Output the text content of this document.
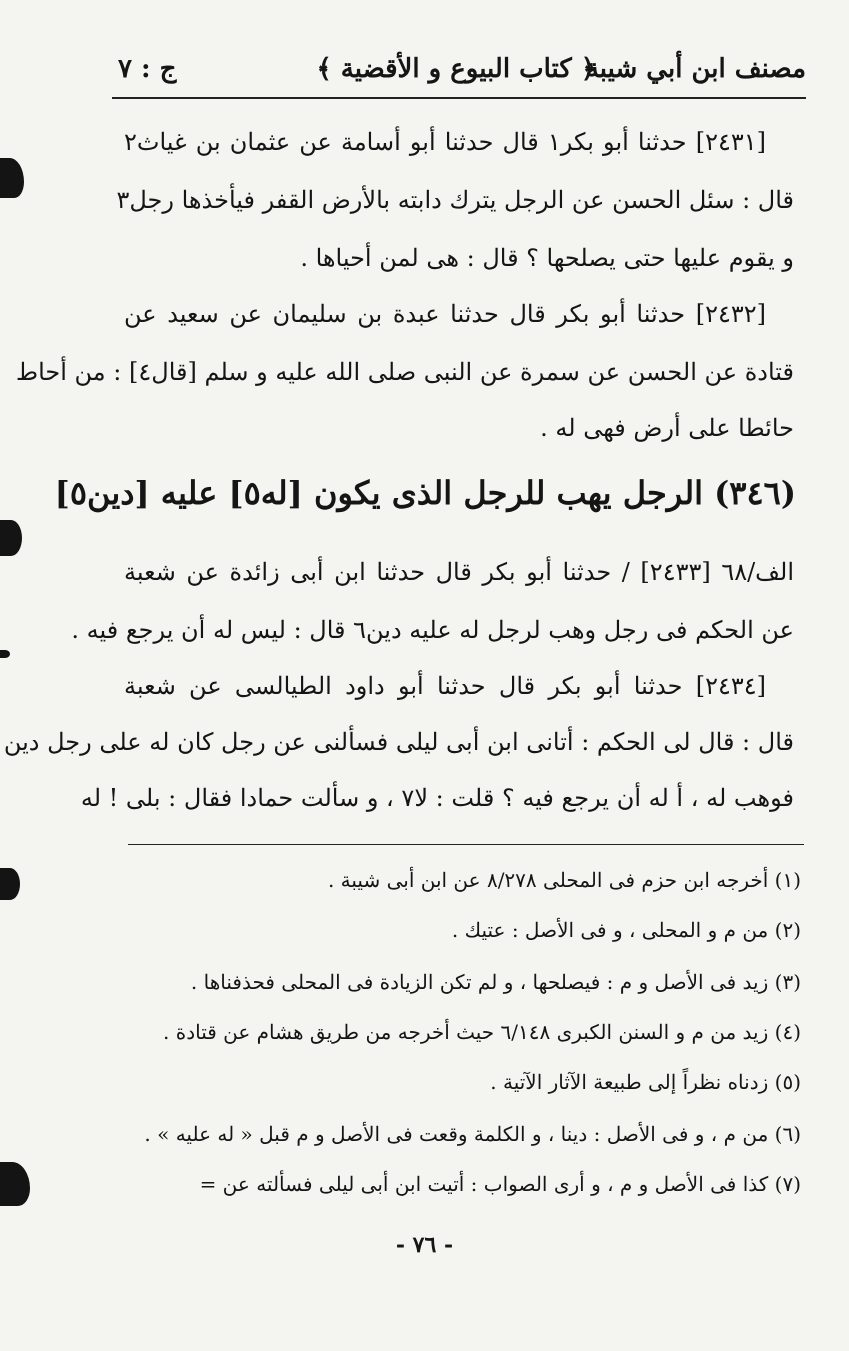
مصنف ابن أبي شيبة
﴿ كتاب البيوع و الأقضية ﴾
ج : ٧
[٢٤٣١] حدثنا أبو بكر١ قال حدثنا أبو أسامة عن عثمان بن غياث٢
قال : سئل الحسن عن الرجل يترك دابته بالأرض القفر فيأخذها رجل٣
و يقوم عليها حتى يصلحها ؟ قال : هى لمن أحياها .
[٢٤٣٢] حدثنا أبو بكر قال حدثنا عبدة بن سليمان عن سعيد عن
قتادة عن الحسن عن سمرة عن النبى صلى الله عليه و سلم [قال٤] : من أحاط
حائطا على أرض فهى له .
(٣٤٦) الرجل يهب للرجل الذى يكون [له٥] عليه [دين٥]
الف/٦٨ [٢٤٣٣] / حدثنا أبو بكر قال حدثنا ابن أبى زائدة عن شعبة
عن الحكم فى رجل وهب لرجل له عليه دين٦ قال : ليس له أن يرجع فيه .
[٢٤٣٤] حدثنا أبو بكر قال حدثنا أبو داود الطيالسى عن شعبة
قال : قال لى الحكم : أتانى ابن أبى ليلى فسألنى عن رجل كان له على رجل دين
فوهب له ، أ له أن يرجع فيه ؟ قلت : لا٧ ، و سألت حمادا فقال : بلى ! له
(١) أخرجه ابن حزم فى المحلى ٨/٢٧٨ عن ابن أبى شيبة .
(٢) من م و المحلى ، و فى الأصل : عتيك .
(٣) زيد فى الأصل و م : فيصلحها ، و لم تكن الزيادة فى المحلى فحذفناها .
(٤) زيد من م و السنن الكبرى ٦/١٤٨ حيث أخرجه من طريق هشام عن قتادة .
(٥) زدناه نظراً إلى طبيعة الآثار الآتية .
(٦) من م ، و فى الأصل : دينا ، و الكلمة وقعت فى الأصل و م قبل « له عليه » .
(٧) كذا فى الأصل و م ، و أرى الصواب : أتيت ابن أبى ليلى فسألته عن =
- ٧٦ -
